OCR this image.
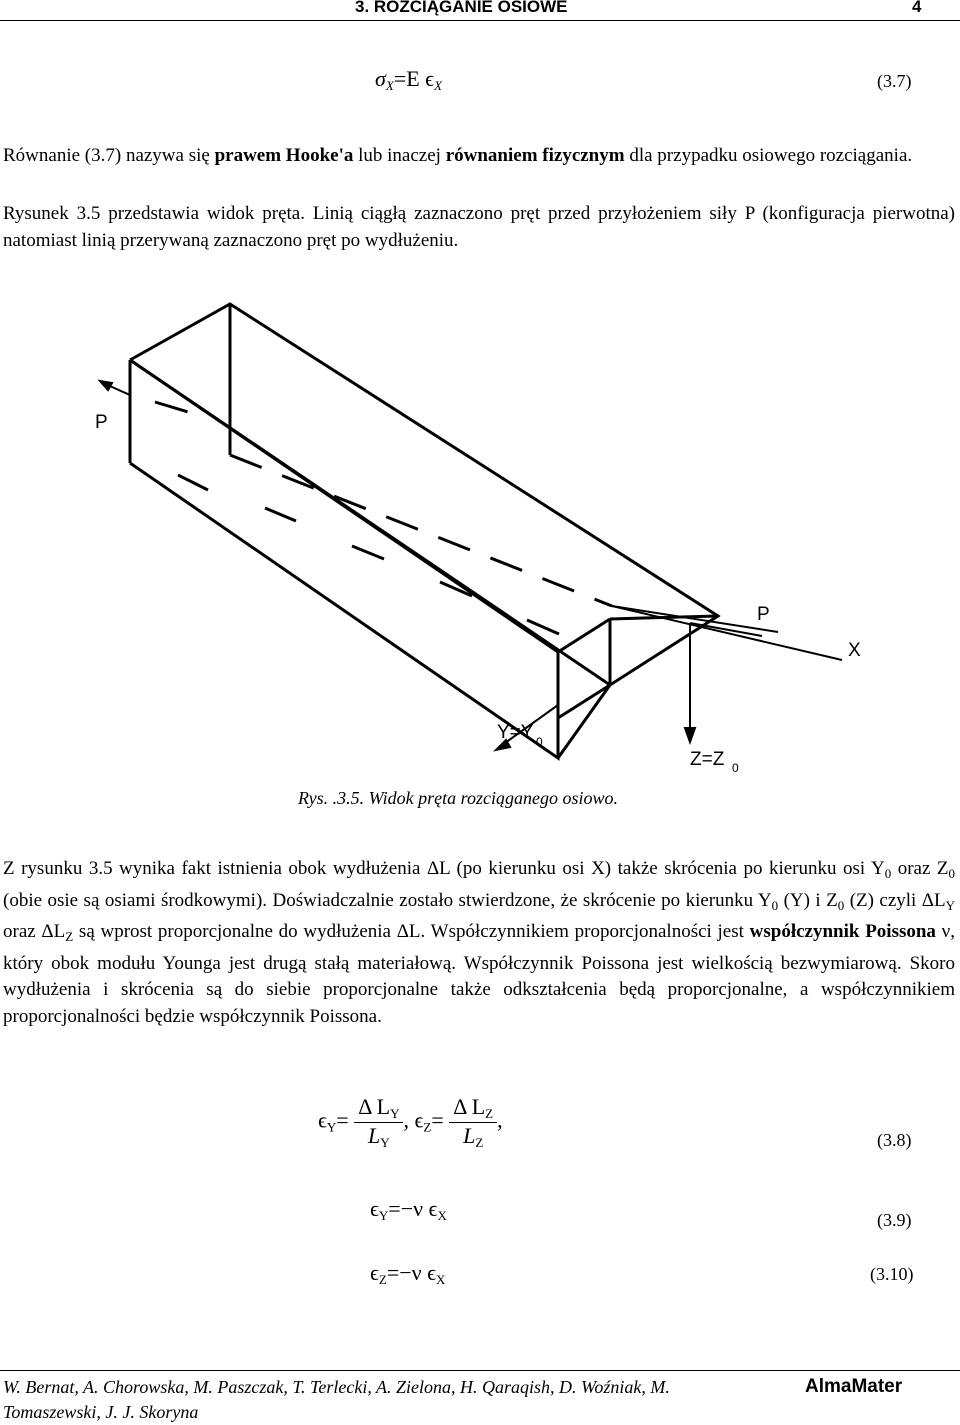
3. ROZCIĄGANIE OSIOWE	4
$\sigma_X=E$ $\epsilon_X$	(3.7)
Równanie (3.7) nazywa się prawem Hooke'a lub inaczej równaniem fizycznym dla przypadku osiowego rozciągania.
Rysunek 3.5 przedstawia widok pręta. Linią ciągłą zaznaczono pręt przed przyłożeniem siły P (konfiguracja pierwotna) natomiast linią przerywaną zaznaczono pręt po wydłużeniu.
P
P
X
Y=Y 0
Z=Z 0
Rys. .3.5. Widok pręta rozciąganego osiowo.
Z rysunku 3.5 wynika fakt istnienia obok wydłużenia ΔL (po kierunku osi X) także skrócenia po kierunku osi $Y_0$ oraz $Z_0$ (obie osie są osiami środkowymi). Doświadczalnie zostało stwierdzone, że skrócenie po kierunku $Y_0$ (Y) i $Z_0$ (Z) czyli $\Delta L_Y$ oraz $\Delta L_Z$ są wprost proporcjonalne do wydłużenia ΔL. Współczynnikiem proporcjonalności jest współczynnik Poissona ν, który obok modułu Younga jest drugą stałą materiałową. Współczynnik Poissona jest wielkością bezwymiarową. Skoro wydłużenia i skrócenia są do siebie proporcjonalne także odkształcenia będą proporcjonalne, a współczynnikiem proporcjonalności będzie współczynnik Poissona.
$\epsilon_Y= \frac{\Delta L_Y}{L_Y}$ , $\epsilon_Z= \frac{\Delta L_Z}{L_Z}$ ,
(3.8)
$\epsilon_Y=-\nu$ $\epsilon_X$	(3.9)
$\epsilon_Z=-\nu$ $\epsilon_X$	(3.10)
W. Bernat, A. Chorowska, M. Paszczak, T. Terlecki, A. Zielona, H. Qaraqish, D. Woźniak, M. Tomaszewski, J. J. Skoryna
AlmaMater
